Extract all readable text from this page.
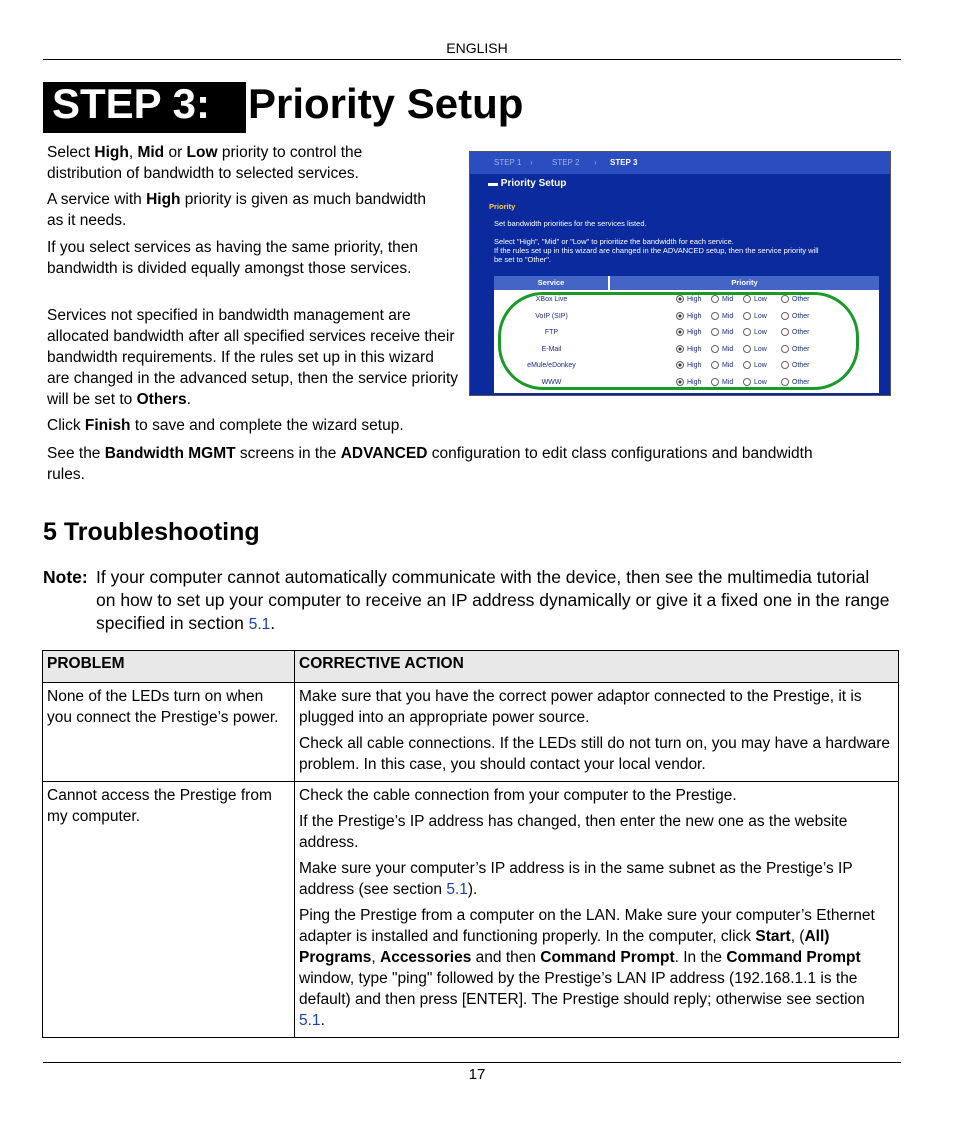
ENGLISH
STEP 3: Priority Setup
Select High, Mid or Low priority to control the distribution of bandwidth to selected services.
A service with High priority is given as much bandwidth as it needs.
If you select services as having the same priority, then bandwidth is divided equally amongst those services.
Services not specified in bandwidth management are allocated bandwidth after all specified services receive their bandwidth requirements. If the rules set up in this wizard are changed in the advanced setup, then the service priority will be set to Others.
Click Finish to save and complete the wizard setup.
See the Bandwidth MGMT screens in the ADVANCED configuration to edit class configurations and bandwidth rules.
STEP 1 › STEP 2 › STEP 3
▬ Priority Setup
Priority
Set bandwidth priorities for the services listed.
Select "High", "Mid" or "Low" to prioritize the bandwidth for each service.
If the rules set up in this wizard are changed in the ADVANCED setup, then the service priority will
be set to "Other".
Service	Priority
XBox Live	High	Mid	Low	Other
VoIP (SIP)	High	Mid	Low	Other
FTP	High	Mid	Low	Other
E-Mail	High	Mid	Low	Other
eMule/eDonkey	High	Mid	Low	Other
WWW	High	Mid	Low	Other
5 Troubleshooting
Note: If your computer cannot automatically communicate with the device, then see the multimedia tutorial on how to set up your computer to receive an IP address dynamically or give it a fixed one in the range specified in section 5.1.
PROBLEM	CORRECTIVE ACTION
None of the LEDs turn on when you connect the Prestige’s power.	Make sure that you have the correct power adaptor connected to the Prestige, it is plugged into an appropriate power source.

Check all cable connections. If the LEDs still do not turn on, you may have a hardware problem. In this case, you should contact your local vendor.

Cannot access the Prestige from my computer.	Check the cable connection from your computer to the Prestige.

If the Prestige’s IP address has changed, then enter the new one as the website address.

Make sure your computer’s IP address is in the same subnet as the Prestige’s IP address (see section 5.1).

Ping the Prestige from a computer on the LAN. Make sure your computer’s Ethernet adapter is installed and functioning properly. In the computer, click Start, (All) Programs, Accessories and then Command Prompt. In the Command Prompt window, type "ping" followed by the Prestige’s LAN IP address (192.168.1.1 is the default) and then press [ENTER]. The Prestige should reply; otherwise see section 5.1.

17
